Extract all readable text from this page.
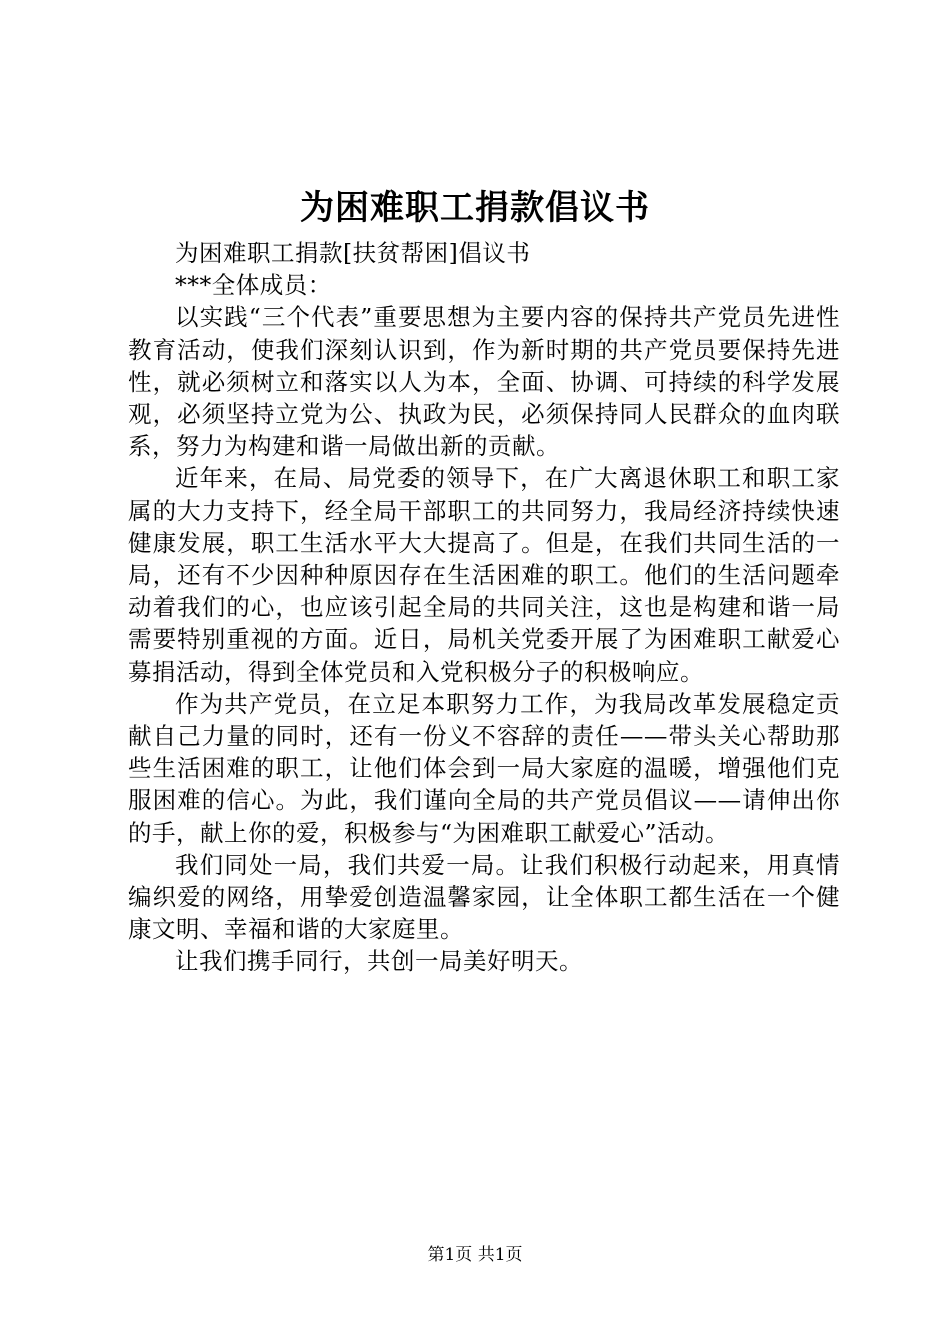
为困难职工捐款倡议书

为困难职工捐款[扶贫帮困]倡议书

***全体成员：

以实践“三个代表”重要思想为主要内容的保持共产党员先进性教育活动，使我们深刻认识到，作为新时期的共产党员要保持先进性，就必须树立和落实以人为本，全面、协调、可持续的科学发展观，必须坚持立党为公、执政为民，必须保持同人民群众的血肉联系，努力为构建和谐一局做出新的贡献。

近年来，在局、局党委的领导下，在广大离退休职工和职工家属的大力支持下，经全局干部职工的共同努力，我局经济持续快速健康发展，职工生活水平大大提高了。但是，在我们共同生活的一局，还有不少因种种原因存在生活困难的职工。他们的生活问题牵动着我们的心，也应该引起全局的共同关注，这也是构建和谐一局需要特别重视的方面。近日，局机关党委开展了为困难职工献爱心募捐活动，得到全体党员和入党积极分子的积极响应。

作为共产党员，在立足本职努力工作，为我局改革发展稳定贡献自己力量的同时，还有一份义不容辞的责任——带头关心帮助那些生活困难的职工，让他们体会到一局大家庭的温暖，增强他们克服困难的信心。为此，我们谨向全局的共产党员倡议——请伸出你的手，献上你的爱，积极参与“为困难职工献爱心”活动。

我们同处一局，我们共爱一局。让我们积极行动起来，用真情编织爱的网络，用挚爱创造温馨家园，让全体职工都生活在一个健康文明、幸福和谐的大家庭里。

让我们携手同行，共创一局美好明天。

第1页 共1页
